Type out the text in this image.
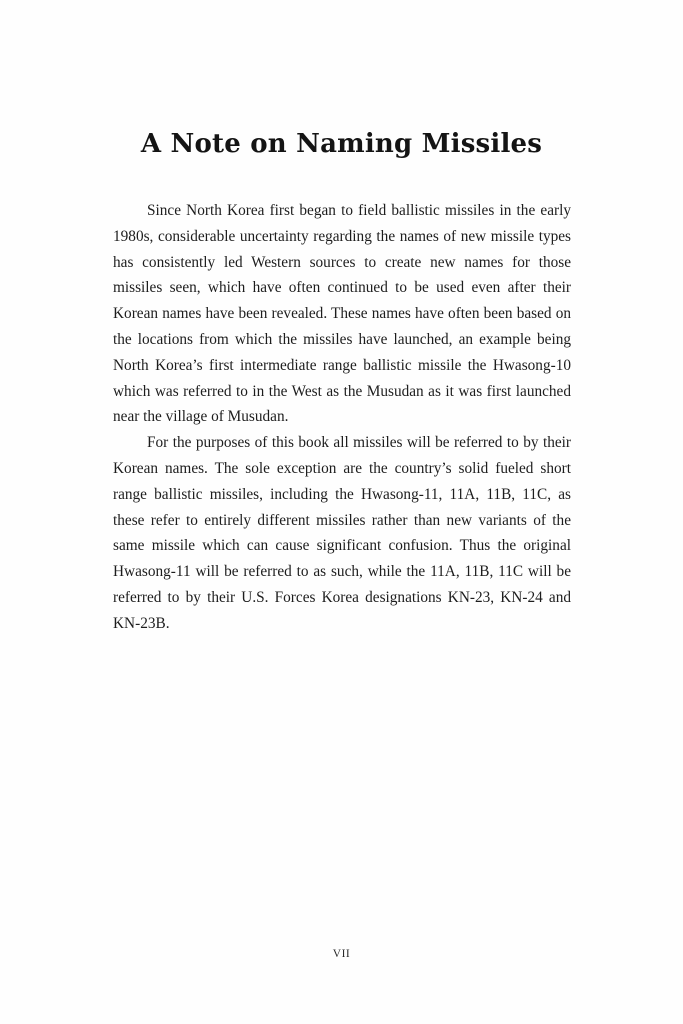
A Note on Naming Missiles

Since North Korea first began to field ballistic missiles in the early 1980s, considerable uncertainty regarding the names of new missile types has consistently led Western sources to create new names for those missiles seen, which have often continued to be used even after their Korean names have been revealed. These names have often been based on the locations from which the missiles have launched, an example being North Korea’s first intermediate range ballistic missile the Hwasong-10 which was referred to in the West as the Musudan as it was first launched near the village of Musudan.

For the purposes of this book all missiles will be referred to by their Korean names. The sole exception are the country’s solid fueled short range ballistic missiles, including the Hwasong-11, 11A, 11B, 11C, as these refer to entirely different missiles rather than new variants of the same missile which can cause significant confusion. Thus the original Hwasong-11 will be referred to as such, while the 11A, 11B, 11C will be referred to by their U.S. Forces Korea designations KN-23, KN-24 and KN-23B.

VII
